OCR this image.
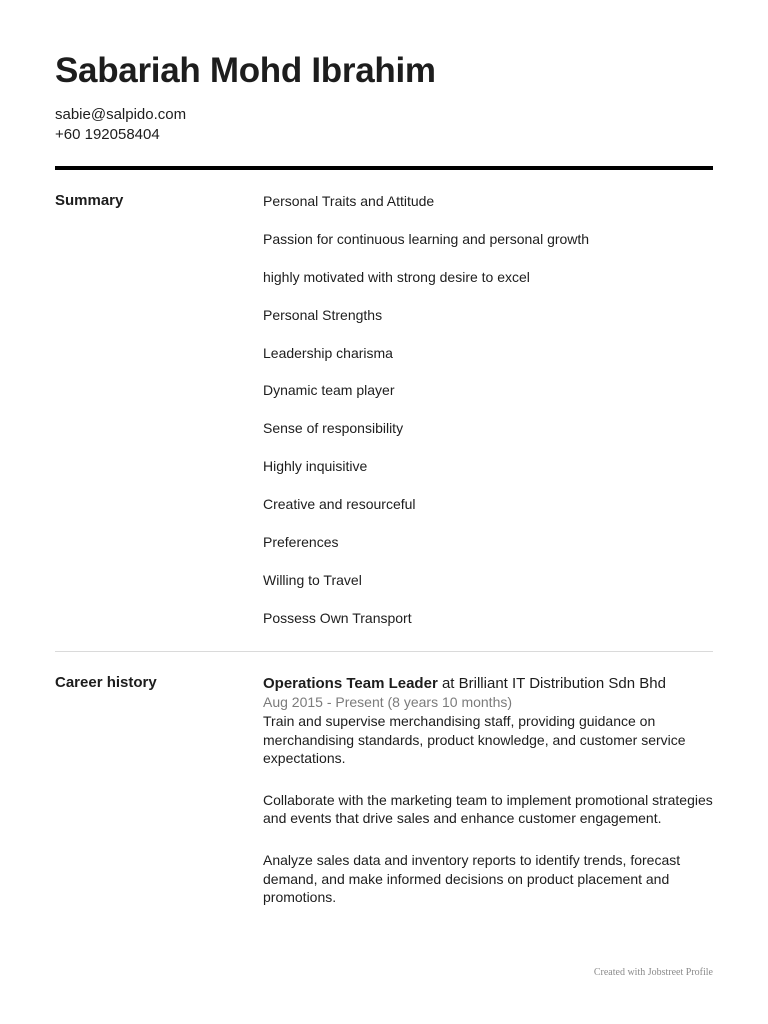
Sabariah Mohd Ibrahim
sabie@salpido.com
+60 192058404
Summary	Personal Traits and Attitude
Passion for continuous learning and personal growth
highly motivated with strong desire to excel
Personal Strengths
Leadership charisma
Dynamic team player
Sense of responsibility
Highly inquisitive
Creative and resourceful
Preferences
Willing to Travel
Possess Own Transport
Career history	Operations Team Leader at Brilliant IT Distribution Sdn Bhd
Aug 2015 - Present (8 years 10 months)

Train and supervise merchandising staff, providing guidance on merchandising standards, product knowledge, and customer service expectations.

Collaborate with the marketing team to implement promotional strategies and events that drive sales and enhance customer engagement.

Analyze sales data and inventory reports to identify trends, forecast demand, and make informed decisions on product placement and promotions.

Created with Jobstreet Profile
